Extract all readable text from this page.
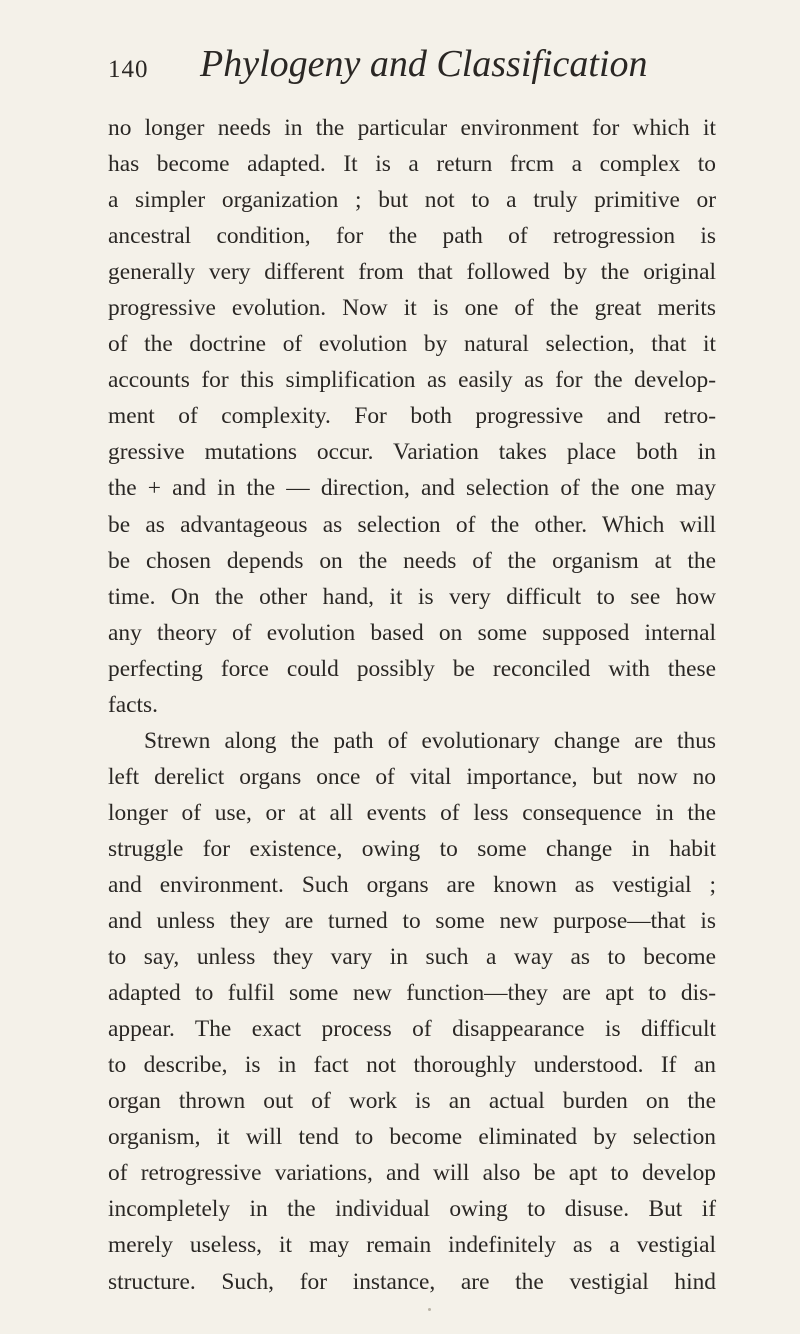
140 Phylogeny and Classification
no longer needs in the particular environment for which it
has become adapted. It is a return frcm a complex to
a simpler organization ; but not to a truly primitive or
ancestral condition, for the path of retrogression is
generally very different from that followed by the original
progressive evolution. Now it is one of the great merits
of the doctrine of evolution by natural selection, that it
accounts for this simplification as easily as for the develop-
ment of complexity. For both progressive and retro-
gressive mutations occur. Variation takes place both in
the + and in the — direction, and selection of the one may
be as advantageous as selection of the other. Which will
be chosen depends on the needs of the organism at the
time. On the other hand, it is very difficult to see how
any theory of evolution based on some supposed internal
perfecting force could possibly be reconciled with these
facts.
Strewn along the path of evolutionary change are thus
left derelict organs once of vital importance, but now no
longer of use, or at all events of less consequence in the
struggle for existence, owing to some change in habit
and environment. Such organs are known as vestigial ;
and unless they are turned to some new purpose—that is
to say, unless they vary in such a way as to become
adapted to fulfil some new function—they are apt to dis-
appear. The exact process of disappearance is difficult
to describe, is in fact not thoroughly understood. If an
organ thrown out of work is an actual burden on the
organism, it will tend to become eliminated by selection
of retrogressive variations, and will also be apt to develop
incompletely in the individual owing to disuse. But if
merely useless, it may remain indefinitely as a vestigial
structure. Such, for instance, are the vestigial hind
